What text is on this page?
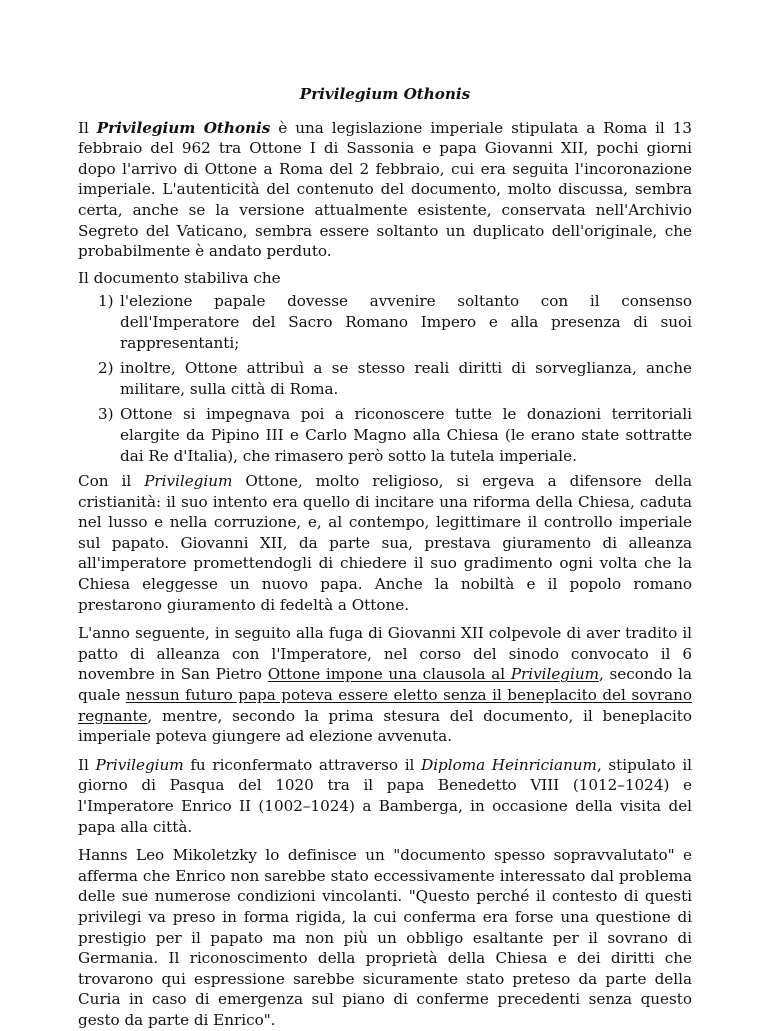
Privilegium Othonis

Il Privilegium Othonis è una legislazione imperiale stipulata a Roma il 13 febbraio del 962 tra Ottone I di Sassonia e papa Giovanni XII, pochi giorni dopo l'arrivo di Ottone a Roma del 2 febbraio, cui era seguita l'incoronazione imperiale. L'autenticità del contenuto del documento, molto discussa, sembra certa, anche se la versione attualmente esistente, conservata nell'Archivio Segreto del Vaticano, sembra essere soltanto un duplicato dell'originale, che probabilmente è andato perduto.

Il documento stabiliva che

1) l'elezione papale dovesse avvenire soltanto con il consenso dell'Imperatore del Sacro Romano Impero e alla presenza di suoi rappresentanti;
2) inoltre, Ottone attribuì a se stesso reali diritti di sorveglianza, anche militare, sulla città di Roma.
3) Ottone si impegnava poi a riconoscere tutte le donazioni territoriali elargite da Pipino III e Carlo Magno alla Chiesa (le erano state sottratte dai Re d'Italia), che rimasero però sotto la tutela imperiale.

Con il Privilegium Ottone, molto religioso, si ergeva a difensore della cristianità: il suo intento era quello di incitare una riforma della Chiesa, caduta nel lusso e nella corruzione, e, al contempo, legittimare il controllo imperiale sul papato. Giovanni XII, da parte sua, prestava giuramento di alleanza all'imperatore promettendogli di chiedere il suo gradimento ogni volta che la Chiesa eleggesse un nuovo papa. Anche la nobiltà e il popolo romano prestarono giuramento di fedeltà a Ottone.

L'anno seguente, in seguito alla fuga di Giovanni XII colpevole di aver tradito il patto di alleanza con l'Imperatore, nel corso del sinodo convocato il 6 novembre in San Pietro Ottone impone una clausola al Privilegium, secondo la quale nessun futuro papa poteva essere eletto senza il beneplacito del sovrano regnante, mentre, secondo la prima stesura del documento, il beneplacito imperiale poteva giungere ad elezione avvenuta.

Il Privilegium fu riconfermato attraverso il Diploma Heinricianum, stipulato il giorno di Pasqua del 1020 tra il papa Benedetto VIII (1012–1024) e l'Imperatore Enrico II (1002–1024) a Bamberga, in occasione della visita del papa alla città.

Hanns Leo Mikoletzky lo definisce un "documento spesso sopravvalutato" e afferma che Enrico non sarebbe stato eccessivamente interessato dal problema delle sue numerose condizioni vincolanti. "Questo perché il contesto di questi privilegi va preso in forma rigida, la cui conferma era forse una questione di prestigio per il papato ma non più un obbligo esaltante per il sovrano di Germania. Il riconoscimento della proprietà della Chiesa e dei diritti che trovarono qui espressione sarebbe sicuramente stato preteso da parte della Curia in caso di emergenza sul piano di conferme precedenti senza questo gesto da parte di Enrico".
